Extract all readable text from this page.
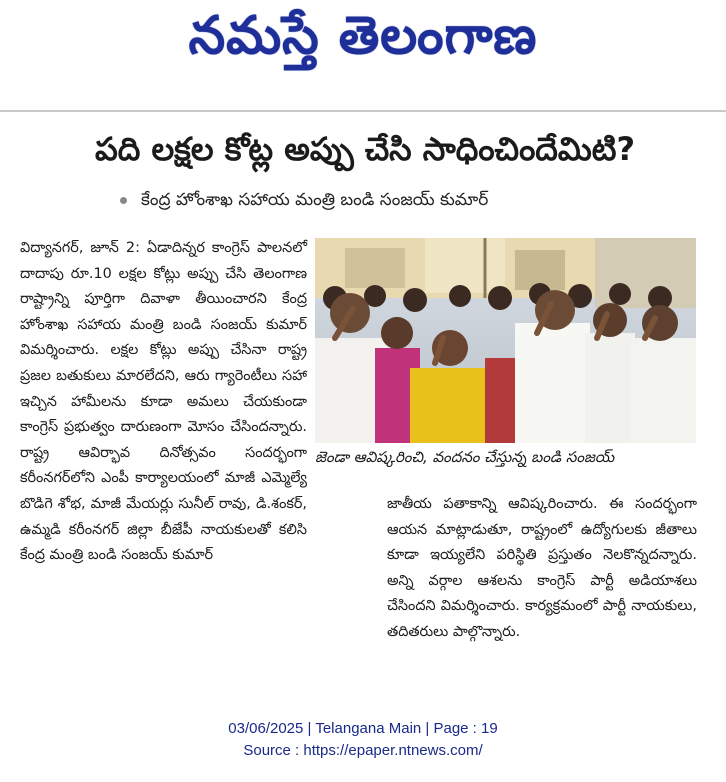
నమస్తే తెలంగాణ
పది లక్షల కోట్ల అప్పు చేసి సాధించిందేమిటి?
కేంద్ర హోంశాఖ సహాయ మంత్రి బండి సంజయ్ కుమార్

విద్యానగర్, జూన్ 2: ఏడాదిన్నర కాంగ్రెస్ పాలనలో దాదాపు రూ.10 లక్షల కోట్లు అప్పు చేసి తెలంగాణ రాష్ట్రాన్ని పూర్తిగా దివాళా తీయించారని కేంద్ర హోంశాఖ సహాయ మంత్రి బండి సంజయ్ కుమార్ విమర్శించారు. లక్షల కోట్లు అప్పు చేసినా రాష్ట్ర ప్రజల బతుకులు మారలేదని, ఆరు గ్యారెంటీలు సహా ఇచ్చిన హామీలను కూడా అమలు చేయకుండా కాంగ్రెస్ ప్రభుత్వం దారుణంగా మోసం చేసిందన్నారు. రాష్ట్ర ఆవిర్భావ దినోత్సవం సందర్భంగా కరీంనగర్‌లోని ఎంపీ కార్యాలయంలో మాజీ ఎమ్మెల్యే బొడిగె శోభ, మాజీ మేయర్లు సునీల్ రావు, డి.శంకర్, ఉమ్మడి కరీంనగర్ జిల్లా బీజేపీ నాయకులతో కలిసి కేంద్ర మంత్రి బండి సంజయ్ కుమార్

జెండా ఆవిష్కరించి, వందనం చేస్తున్న బండి సంజయ్

జాతీయ పతాకాన్ని ఆవిష్కరించారు. ఈ సందర్భంగా ఆయన మాట్లాడుతూ, రాష్ట్రంలో ఉద్యోగులకు జీతాలు కూడా ఇయ్యలేని పరిస్థితి ప్రస్తుతం నెలకొన్నదన్నారు. అన్ని వర్గాల ఆశలను కాంగ్రెస్ పార్టీ అడియాశలు చేసిందని విమర్శించారు. కార్యక్రమంలో పార్టీ నాయకులు, తదితరులు పాల్గొన్నారు.

03/06/2025 | Telangana Main | Page : 19
Source : https://epaper.ntnews.com/
